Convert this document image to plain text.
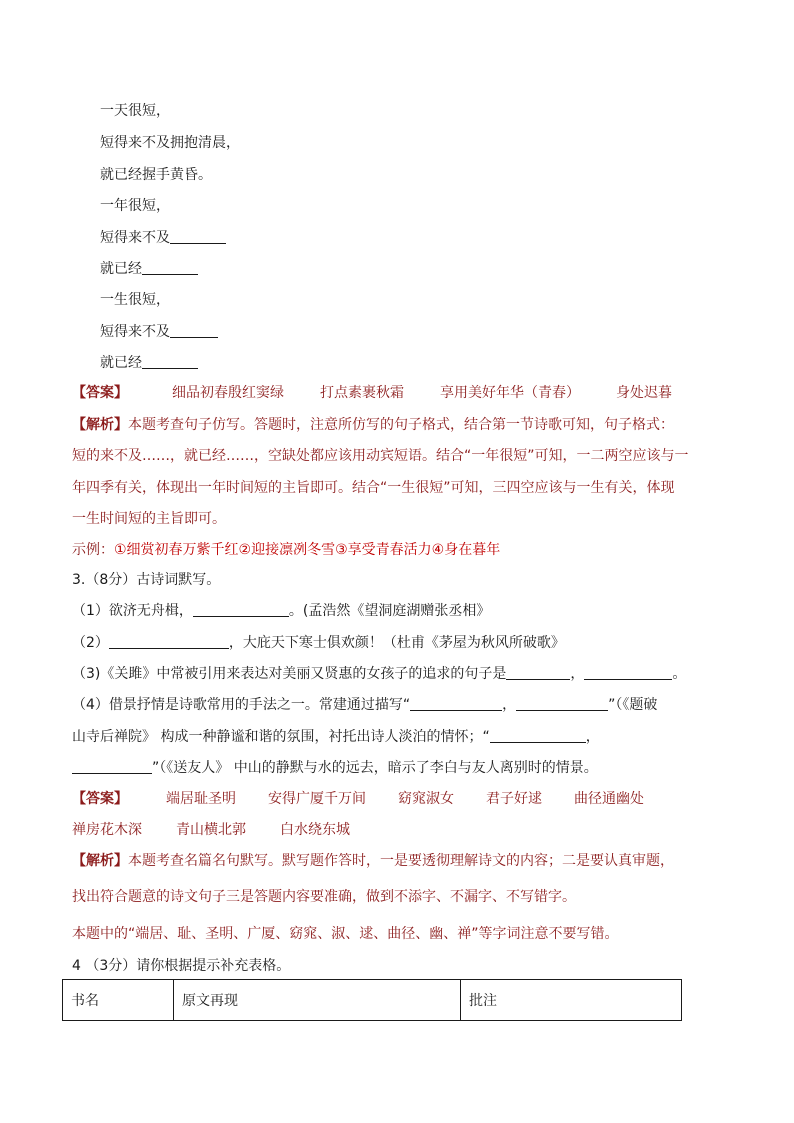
一天很短，
短得来不及拥抱清晨，
就已经握手黄昏。
一年很短，
短得来不及
就已经
一生很短，
短得来不及
就已经
【答案】	细品初春殷红窦绿	打点素裹秋霜	享用美好年华（青春）	身处迟暮
【解析】本题考查句子仿写。答题时，注意所仿写的句子格式，结合第一节诗歌可知，句子格式：
短的来不及……，就已经……，空缺处都应该用动宾短语。结合“一年很短”可知，一二两空应该与一
年四季有关，体现出一年时间短的主旨即可。结合“一生很短”可知，三四空应该与一生有关，体现
一生时间短的主旨即可。
示例：①细赏初春万紫千红②迎接凛冽冬雪③享受青春活力④身在暮年
3.（8分）古诗词默写。
（1）欲济无舟楫，	。(孟浩然《望洞庭湖赠张丞相》
（2）	，大庇天下寒士俱欢颜！（杜甫《茅屋为秋风所破歌》
（3)《关雎》中常被引用来表达对美丽又贤惠的女孩子的追求的句子是	，	。
（4）借景抒情是诗歌常用的手法之一。常建通过描写“	，	”（《题破
山寺后禅院》 构成一种静谧和谐的氛围，衬托出诗人淡泊的情怀；“	，
”（《送友人》 中山的静默与水的远去，暗示了李白与友人离别时的情景。
【答案】	端居耻圣明 安得广厦千万间 窈窕淑女 君子好逑 曲径通幽处
禅房花木深 青山横北郭 白水绕东城
【解析】本题考查名篇名句默写。默写题作答时，一是要透彻理解诗文的内容；二是要认真审题，
找出符合题意的诗文句子三是答题内容要准确，做到不添字、不漏字、不写错字。
本题中的“端居、耻、圣明、广厦、窈窕、淑、逑、曲径、幽、禅”等字词注意不要写错。
4 （3分）请你根据提示补充表格。
书名	原文再现	批注
